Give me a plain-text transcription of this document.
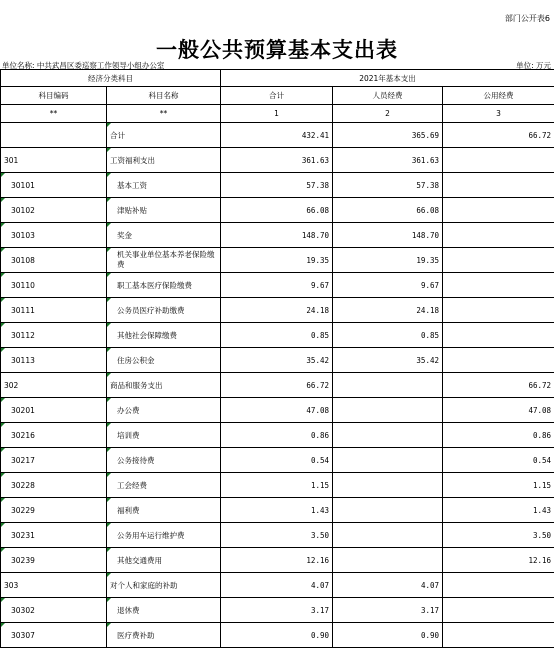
部门公开表6
一般公共预算基本支出表
单位名称: 中共武昌区委巡察工作领导小组办公室	单位: 万元
经济分类科目		2021年基本支出		
科目编码	科目名称	合计	人员经费	公用经费
**	**	1	2	3
	合计	432.41	365.69	66.72
301	工资福利支出	361.63	361.63	
30101	基本工资	57.38	57.38	
30102	津贴补贴	66.08	66.08	
30103	奖金	148.70	148.70	
30108	机关事业单位基本养老保险缴费	19.35	19.35	
30110	职工基本医疗保险缴费	9.67	9.67	
30111	公务员医疗补助缴费	24.18	24.18	
30112	其他社会保障缴费	0.85	0.85	
30113	住房公积金	35.42	35.42	
302	商品和服务支出	66.72		66.72
30201	办公费	47.08		47.08
30216	培训费	0.86		0.86
30217	公务接待费	0.54		0.54
30228	工会经费	1.15		1.15
30229	福利费	1.43		1.43
30231	公务用车运行维护费	3.50		3.50
30239	其他交通费用	12.16		12.16
303	对个人和家庭的补助	4.07	4.07	
30302	退休费	3.17	3.17	
30307	医疗费补助	0.90	0.90	
